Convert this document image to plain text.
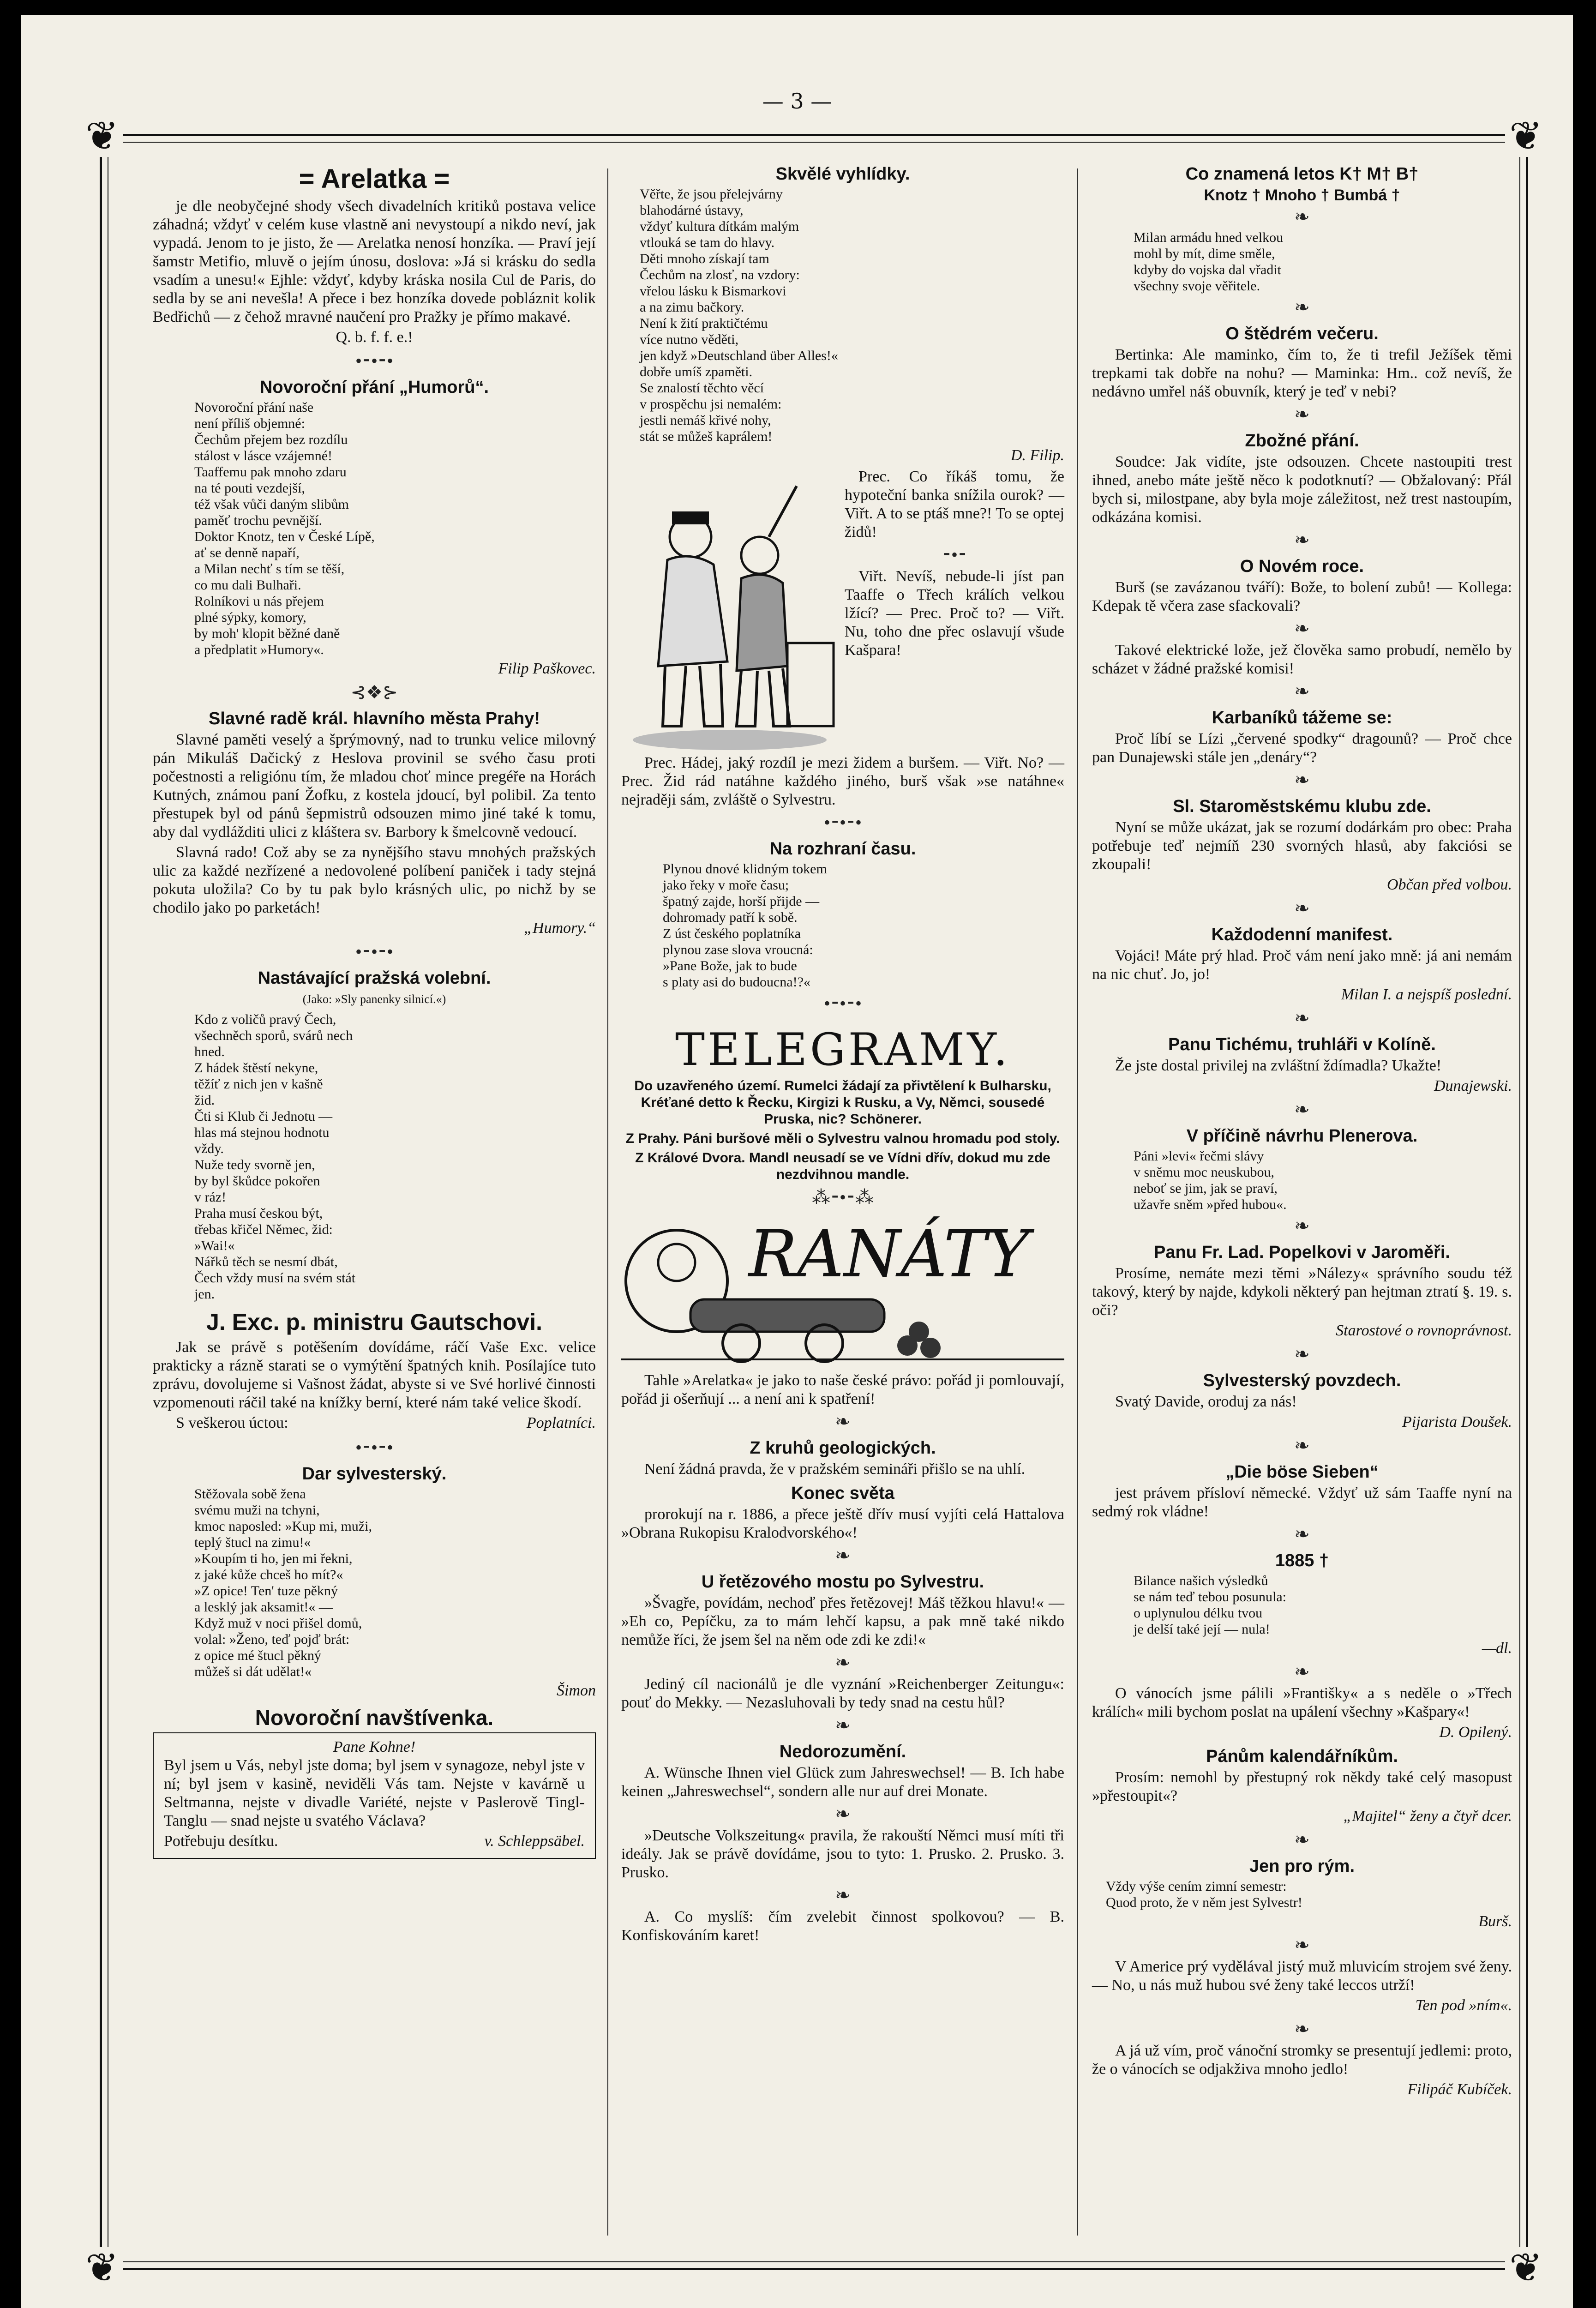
— 3 —
❦	❦
❦	❦
= Arelatka =

je dle neobyčejné shody všech divadelních kritiků postava velice záhadná; vždyť v celém kuse vlastně ani nevystoupí a nikdo neví, jak vypadá. Jenom to je jisto, že — Arelatka nenosí honzíka. — Praví její šamstr Metifio, mluvě o jejím únosu, doslova: »Já si krásku do sedla vsadím a unesu!« Ejhle: vždyť, kdyby kráska nosila Cul de Paris, do sedla by se ani nevešla! A přece i bez honzíka dovede pobláznit kolik Bedřichů — z čehož mravné naučení pro Pražky je přímo makavé.

Q. b. f. f. e.!
•⁃•⁃•
Novoroční přání „Humorů“.
Novoroční přání naše
není příliš objemné:
Čechům přejem bez rozdílu
stálost v lásce vzájemné!
Taaffemu pak mnoho zdaru
na té pouti vezdejší,
též však vůči daným slibům
paměť trochu pevnější.
Doktor Knotz, ten v České Lípě,
ať se denně napaří,
a Milan nechť s tím se těší,
co mu dali Bulhaři.
Rolníkovi u nás přejem
plné sýpky, komory,
by moh' klopit běžné daně
a předplatit »Humory«.
Filip Paškovec.
⊰❖⊱
Slavné radě král. hlavního města Prahy!

Slavné paměti veselý a šprýmovný, nad to trunku velice milovný pán Mikuláš Dačický z Heslova provinil se svého času proti počestnosti a religiónu tím, že mladou choť mince pregéře na Horách Kutných, známou paní Žofku, z kostela jdoucí, byl polibil. Za tento přestupek byl od pánů šepmistrů odsouzen mimo jiné také k tomu, aby dal vydlážditi ulici z kláštera sv. Barbory k šmelcovně vedoucí.

Slavná rado! Což aby se za nynějšího stavu mnohých pražských ulic za každé nezřízené a nedovolené políbení paniček i tady stejná pokuta uložila? Co by tu pak bylo krásných ulic, po nichž by se chodilo jako po parketách!

„Humory.“
•⁃•⁃•
Nastávající pražská volební.
(Jako: »Sly panenky silnicí.«)
Kdo z voličů pravý Čech,
všechněch sporů, svárů nech
hned.
Z hádek štěstí nekyne,
těžíť z nich jen v kašně
žid.
Čti si Klub či Jednotu —
hlas má stejnou hodnotu
vždy.
Nuže tedy svorně jen,
by byl škůdce pokořen
v ráz!
Praha musí českou být,
třebas křičel Němec, žid:
»Wai!«
Nářků těch se nesmí dbát,
Čech vždy musí na svém stát
jen.
J. Exc. p. ministru Gautschovi.

Jak se právě s potěšením dovídáme, ráčí Vaše Exc. velice prakticky a rázně starati se o vymýtění špatných knih. Posílajíce tuto zprávu, dovolujeme si Vašnost žádat, abyste si ve Své horlivé činnosti vzpomenouti ráčil také na knížky berní, které nám také velice škodí.

S veškerou úctou:	Poplatníci.
•⁃•⁃•
Dar sylvesterský.
Stěžovala sobě žena
svému muži na tchyni,
kmoc naposled: »Kup mi, muži,
teplý štucl na zimu!«
»Koupím ti ho, jen mi řekni,
z jaké kůže chceš ho mít?«
»Z opice! Ten' tuze pěkný
a lesklý jak aksamit!« —
Když muž v noci přišel domů,
volal: »Ženo, teď pojď brát:
z opice mé štucl pěkný
můžeš si dát udělat!«
Šimon
Novoroční navštívenka.
Pane Kohne!

Byl jsem u Vás, nebyl jste doma; byl jsem v synagoze, nebyl jste v ní; byl jsem v kasině, neviděli Vás tam. Nejste v kavárně u Seltmanna, nejste v divadle Variété, nejste v Paslerově Tingl-Tanglu — snad nejste u svatého Václava?

Potřebuju desítku.	v. Schleppsäbel.
Skvělé vyhlídky.
Věřte, že jsou přelejvárny
blahodárné ústavy,
vždyť kultura dítkám malým
vtlouká se tam do hlavy.
Děti mnoho získají tam
Čechům na zlosť, na vzdory:
vřelou lásku k Bismarkovi
a na zimu bačkory.
Není k žití praktičtému
více nutno věděti,
jen když »Deutschland über Alles!«
dobře umíš zpaměti.
Se znalostí těchto věcí
v prospěchu jsi nemalém:
jestli nemáš křivé nohy,
stát se můžeš kaprálem!
D. Filip.

Prec. Co říkáš tomu, že hypoteční banka snížila ourok? — Viřt. A to se ptáš mne?! To se optej židů!

⁃•⁃

Viřt. Nevíš, nebude-li jíst pan Taaffe o Třech králích velkou lžící? — Prec. Proč to? — Viřt. Nu, toho dne přec oslavují všude Kašpara!

Prec. Hádej, jaký rozdíl je mezi židem a buršem. — Viřt. No? — Prec. Žid rád natáhne každého jiného, burš však »se natáhne« nejraději sám, zvláště o Sylvestru.

•⁃•⁃•
Na rozhraní času.
Plynou dnové klidným tokem
jako řeky v moře času;
špatný zajde, horší přijde —
dohromady patří k sobě.
Z úst českého poplatníka
plynou zase slova vroucná:
»Pane Bože, jak to bude
s platy asi do budoucna!?«
•⁃•⁃•
TELEGRAMY.
Do uzavřeného území. Rumelci žádají za přivtělení k Bulharsku, Kréťané detto k Řecku, Kirgizi k Rusku, a Vy, Němci, sousedé Pruska, nic? Schönerer.
Z Prahy. Páni buršové měli o Sylvestru valnou hromadu pod stoly.
Z Králové Dvora. Mandl neusadí se ve Vídni dřív, dokud mu zde nezdvihnou mandle.
⁂⁃•⁃⁂
RANÁTY

Tahle »Arelatka« je jako to naše české právo: pořád ji pomlouvají, pořád ji ošerňují ... a není ani k spatření!

❧
Z kruhů geologických.

Není žádná pravda, že v pražském semináři přišlo se na uhlí.

Konec světa

prorokují na r. 1886, a přece ještě dřív musí vyjíti celá Hattalova »Obrana Rukopisu Kralodvorského«!

❧
U řetězového mostu po Sylvestru.

»Švagře, povídám, nechoď přes řetězovej! Máš těžkou hlavu!« — »Eh co, Pepíčku, za to mám lehčí kapsu, a pak mně také nikdo nemůže říci, že jsem šel na něm ode zdi ke zdi!«

❧

Jediný cíl nacionálů je dle vyznání »Reichenberger Zeitungu«: pouť do Mekky. — Nezasluhovali by tedy snad na cestu hůl?

❧
Nedorozumění.

A. Wünsche Ihnen viel Glück zum Jahreswechsel! — B. Ich habe keinen „Jahreswechsel“, sondern alle nur auf drei Monate.

❧

»Deutsche Volkszeitung« pravila, že rakouští Němci musí míti tři ideály. Jak se právě dovídáme, jsou to tyto: 1. Prusko. 2. Prusko. 3. Prusko.

❧

A. Co myslíš: čím zvelebit činnost spolkovou? — B. Konfiskováním karet!

Co znamená letos K† M† B†
Knotz † Mnoho † Bumbá †
❧
Milan armádu hned velkou
mohl by mít, dime směle,
kdyby do vojska dal vřadit
všechny svoje věřitele.
❧
O štědrém večeru.

Bertinka: Ale maminko, čím to, že ti trefil Ježíšek těmi trepkami tak dobře na nohu? — Maminka: Hm.. což nevíš, že nedávno umřel náš obuvník, který je teď v nebi?

❧
Zbožné přání.

Soudce: Jak vidíte, jste odsouzen. Chcete nastoupiti trest ihned, anebo máte ještě něco k podotknutí? — Obžalovaný: Přál bych si, milostpane, aby byla moje záležitost, než trest nastoupím, odkázána komisi.

❧
O Novém roce.

Burš (se zavázanou tváří): Bože, to bolení zubů! — Kollega: Kdepak tě včera zase sfackovali?

❧

Takové elektrické lože, jež člověka samo probudí, nemělo by scházet v žádné pražské komisi!

❧
Karbaníků tážeme se:

Proč líbí se Lízi „červené spodky“ dragounů? — Proč chce pan Dunajewski stále jen „denáry“?

❧
Sl. Staroměstskému klubu zde.

Nyní se může ukázat, jak se rozumí dodárkám pro obec: Praha potřebuje teď nejmíň 230 svorných hlasů, aby fakciósi se zkoupali!

Občan před volbou.
❧
Každodenní manifest.

Vojáci! Máte prý hlad. Proč vám není jako mně: já ani nemám na nic chuť. Jo, jo!

Milan I. a nejspíš poslední.
❧
Panu Tichému, truhláři v Kolíně.

Že jste dostal privilej na zvláštní ždímadla? Ukažte!

Dunajewski.
❧
V příčině návrhu Plenerova.
Páni »levi« řečmi slávy
v sněmu moc neuskubou,
neboť se jim, jak se praví,
užavře sněm »před hubou«.
❧
Panu Fr. Lad. Popelkovi v Jaroměři.

Prosíme, nemáte mezi těmi »Nálezy« správního soudu též takový, který by najde, kdykoli některý pan hejtman ztratí §. 19. s. oči?

Starostové o rovnoprávnost.
❧
Sylvesterský povzdech.

Svatý Davide, oroduj za nás!

Pijarista Doušek.
❧
„Die böse Sieben“

jest právem přísloví německé. Vždyť už sám Taaffe nyní na sedmý rok vládne!

❧
1885 †
Bilance našich výsledků
se nám teď tebou posunula:
o uplynulou délku tvou
je delší také její — nula!
—dl.
❧

O vánocích jsme pálili »Františky« a s neděle o »Třech králích« mili bychom poslat na upálení všechny »Kašpary«!

D. Opilený.
Pánům kalendářníkům.

Prosím: nemohl by přestupný rok někdy také celý masopust »přestoupit«?

„Majitel“ ženy a čtyř dcer.
❧
Jen pro rým.
Vždy výše cením zimní semestr:
Quod proto, že v něm jest Sylvestr!
Burš.
❧

V Americe prý vydělával jistý muž mluvicím strojem své ženy. — No, u nás muž hubou své ženy také leccos utrží!

Ten pod »ním«.
❧

A já už vím, proč vánoční stromky se presentují jedlemi: proto, že o vánocích se odjakživa mnoho jedlo!

Filipáč Kubíček.
